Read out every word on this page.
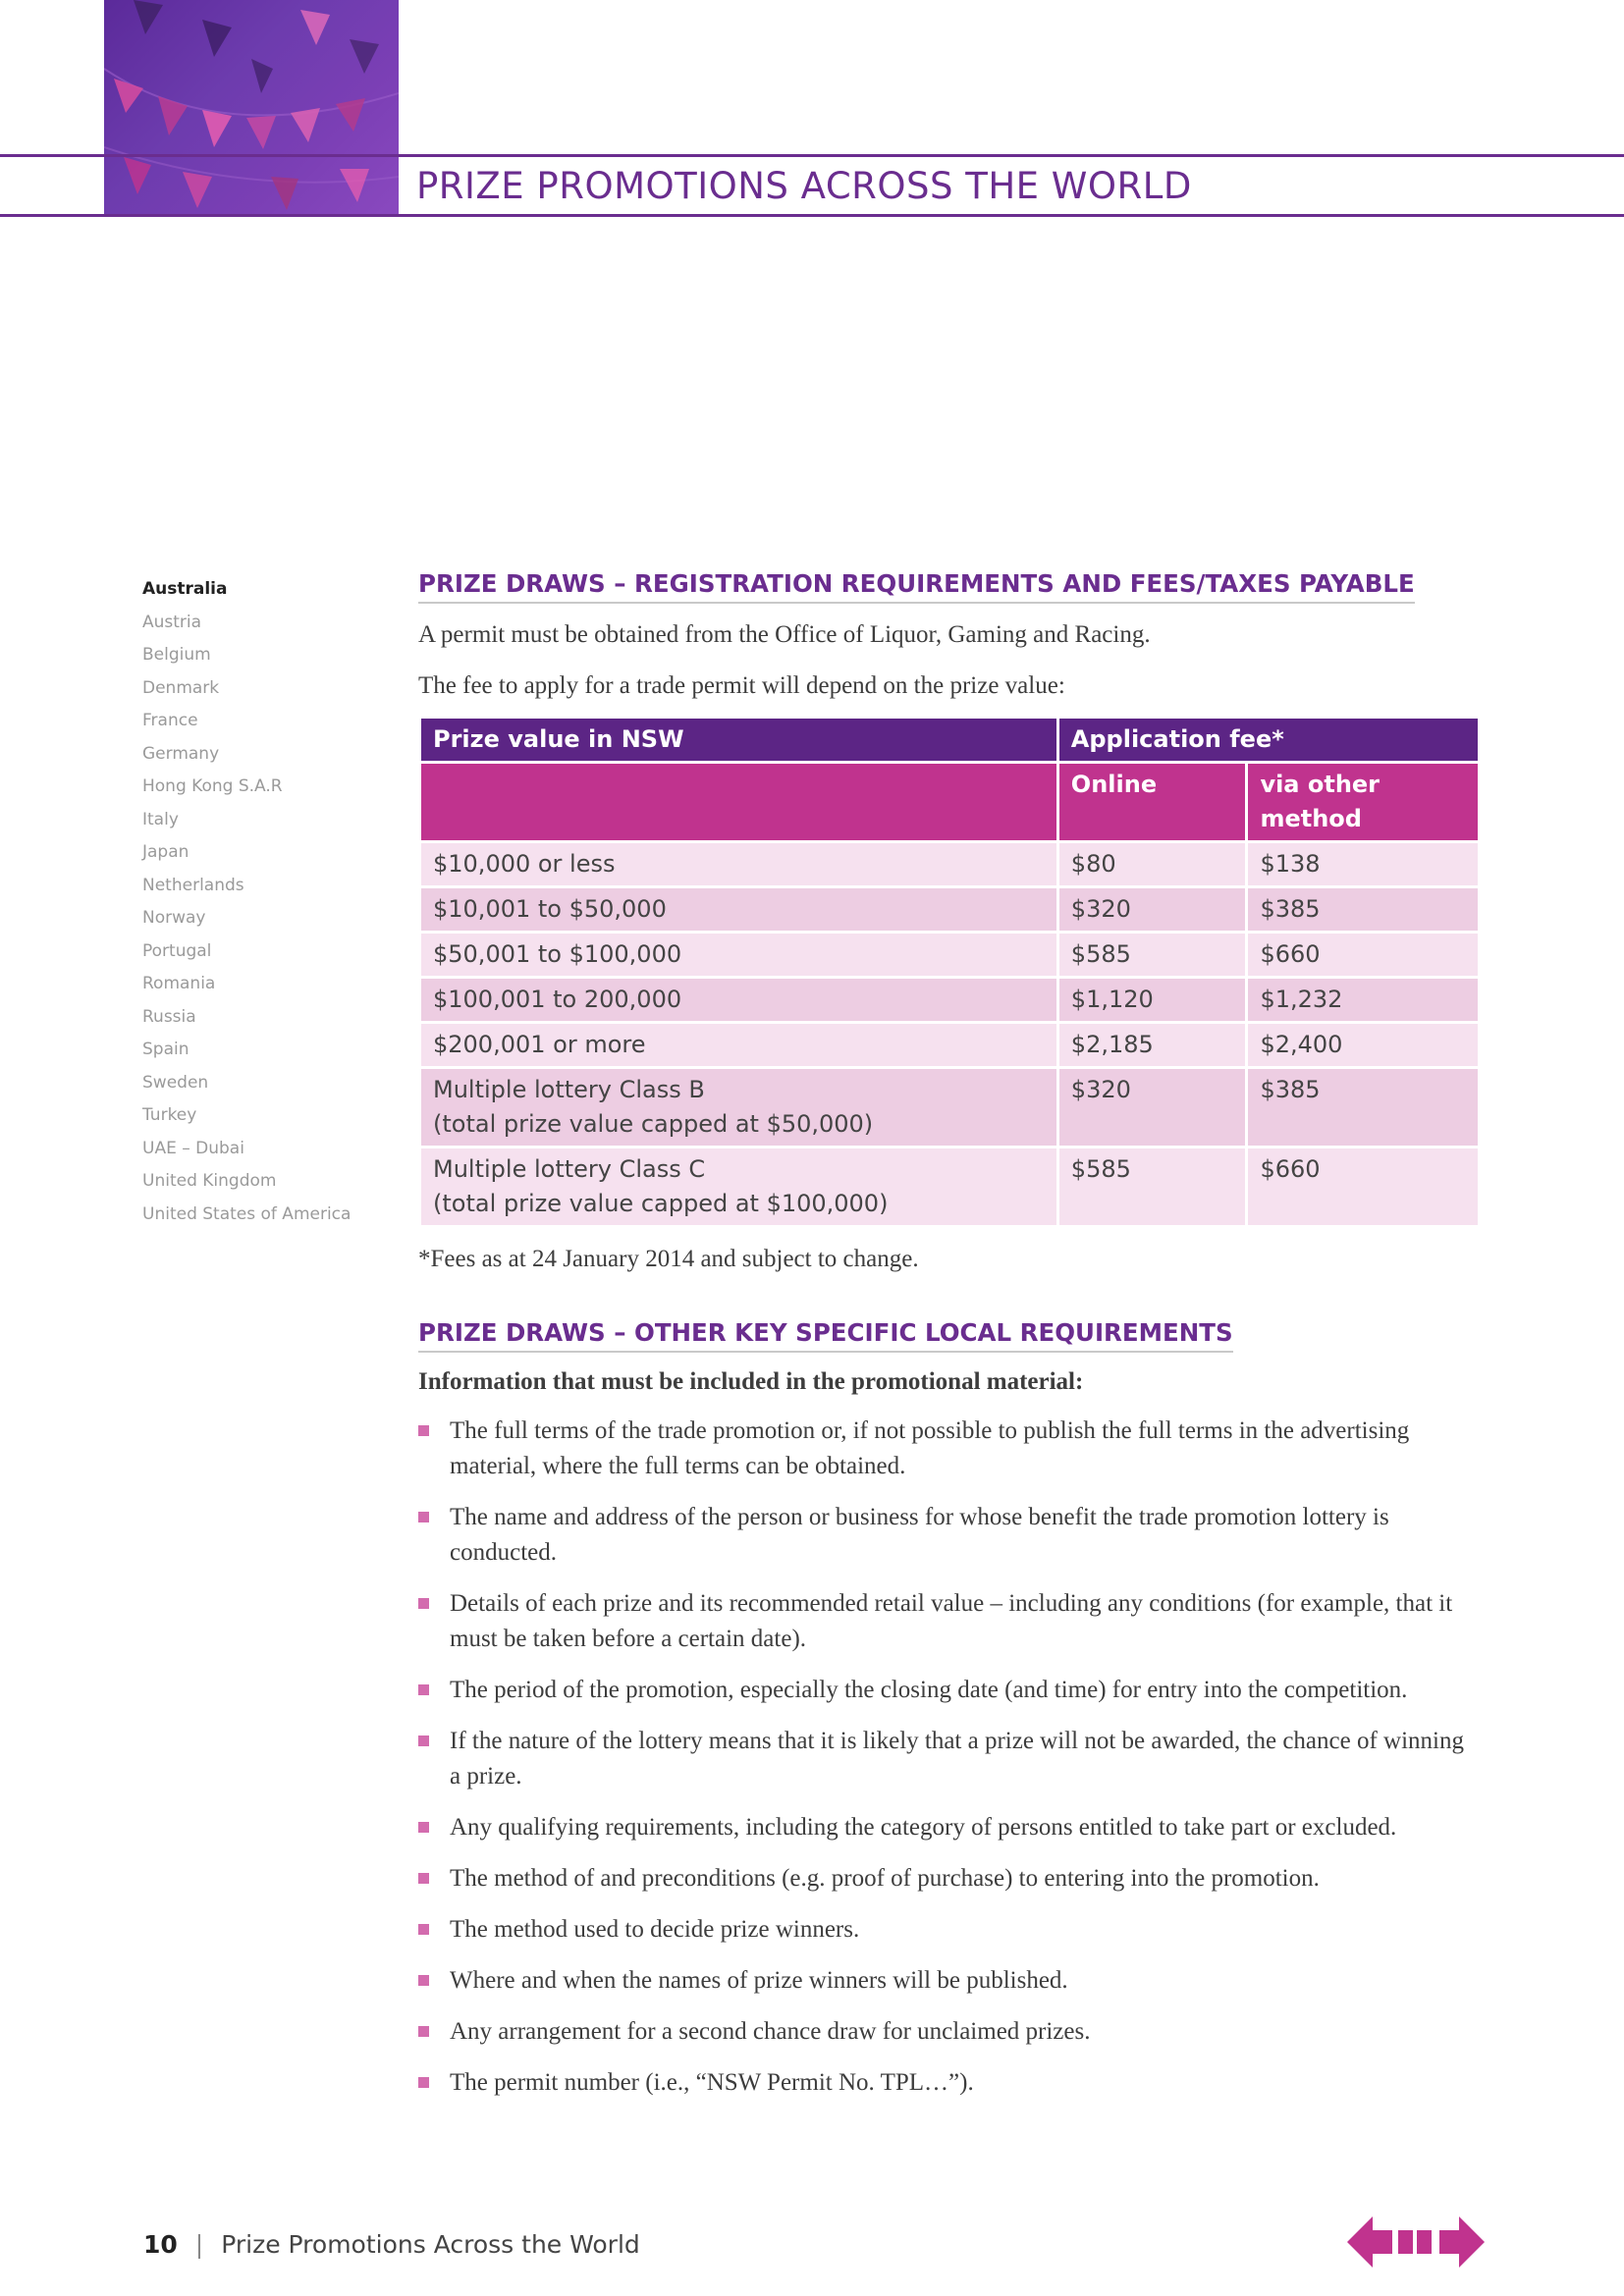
PRIZE PROMOTIONS ACROSS THE WORLD
Australia
Austria
Belgium
Denmark
France
Germany
Hong Kong S.A.R
Italy
Japan
Netherlands
Norway
Portugal
Romania
Russia
Spain
Sweden
Turkey
UAE – Dubai
United Kingdom
United States of America
PRIZE DRAWS – REGISTRATION REQUIREMENTS AND FEES/TAXES PAYABLE

A permit must be obtained from the Office of Liquor, Gaming and Racing.

The fee to apply for a trade permit will depend on the prize value:

Prize value in NSW	Application fee*	
	Online	via other
method
$10,000 or less	$80	$138
$10,001 to $50,000	$320	$385
$50,001 to $100,000	$585	$660
$100,001 to 200,000	$1,120	$1,232
$200,001 or more	$2,185	$2,400
Multiple lottery Class B
(total prize value capped at $50,000)	$320	$385
Multiple lottery Class C
(total prize value capped at $100,000)	$585	$660

*Fees as at 24 January 2014 and subject to change.

PRIZE DRAWS – OTHER KEY SPECIFIC LOCAL REQUIREMENTS

Information that must be included in the promotional material:

The full terms of the trade promotion or, if not possible to publish the full terms in the advertising material, where the full terms can be obtained.
The name and address of the person or business for whose benefit the trade promotion lottery is conducted.
Details of each prize and its recommended retail value – including any conditions (for example, that it must be taken before a certain date).
The period of the promotion, especially the closing date (and time) for entry into the competition.
If the nature of the lottery means that it is likely that a prize will not be awarded, the chance of winning a prize.
Any qualifying requirements, including the category of persons entitled to take part or excluded.
The method of and preconditions (e.g. proof of purchase) to entering into the promotion.
The method used to decide prize winners.
Where and when the names of prize winners will be published.
Any arrangement for a second chance draw for unclaimed prizes.
The permit number (i.e., “NSW Permit No. TPL…”).
10 | Prize Promotions Across the World
